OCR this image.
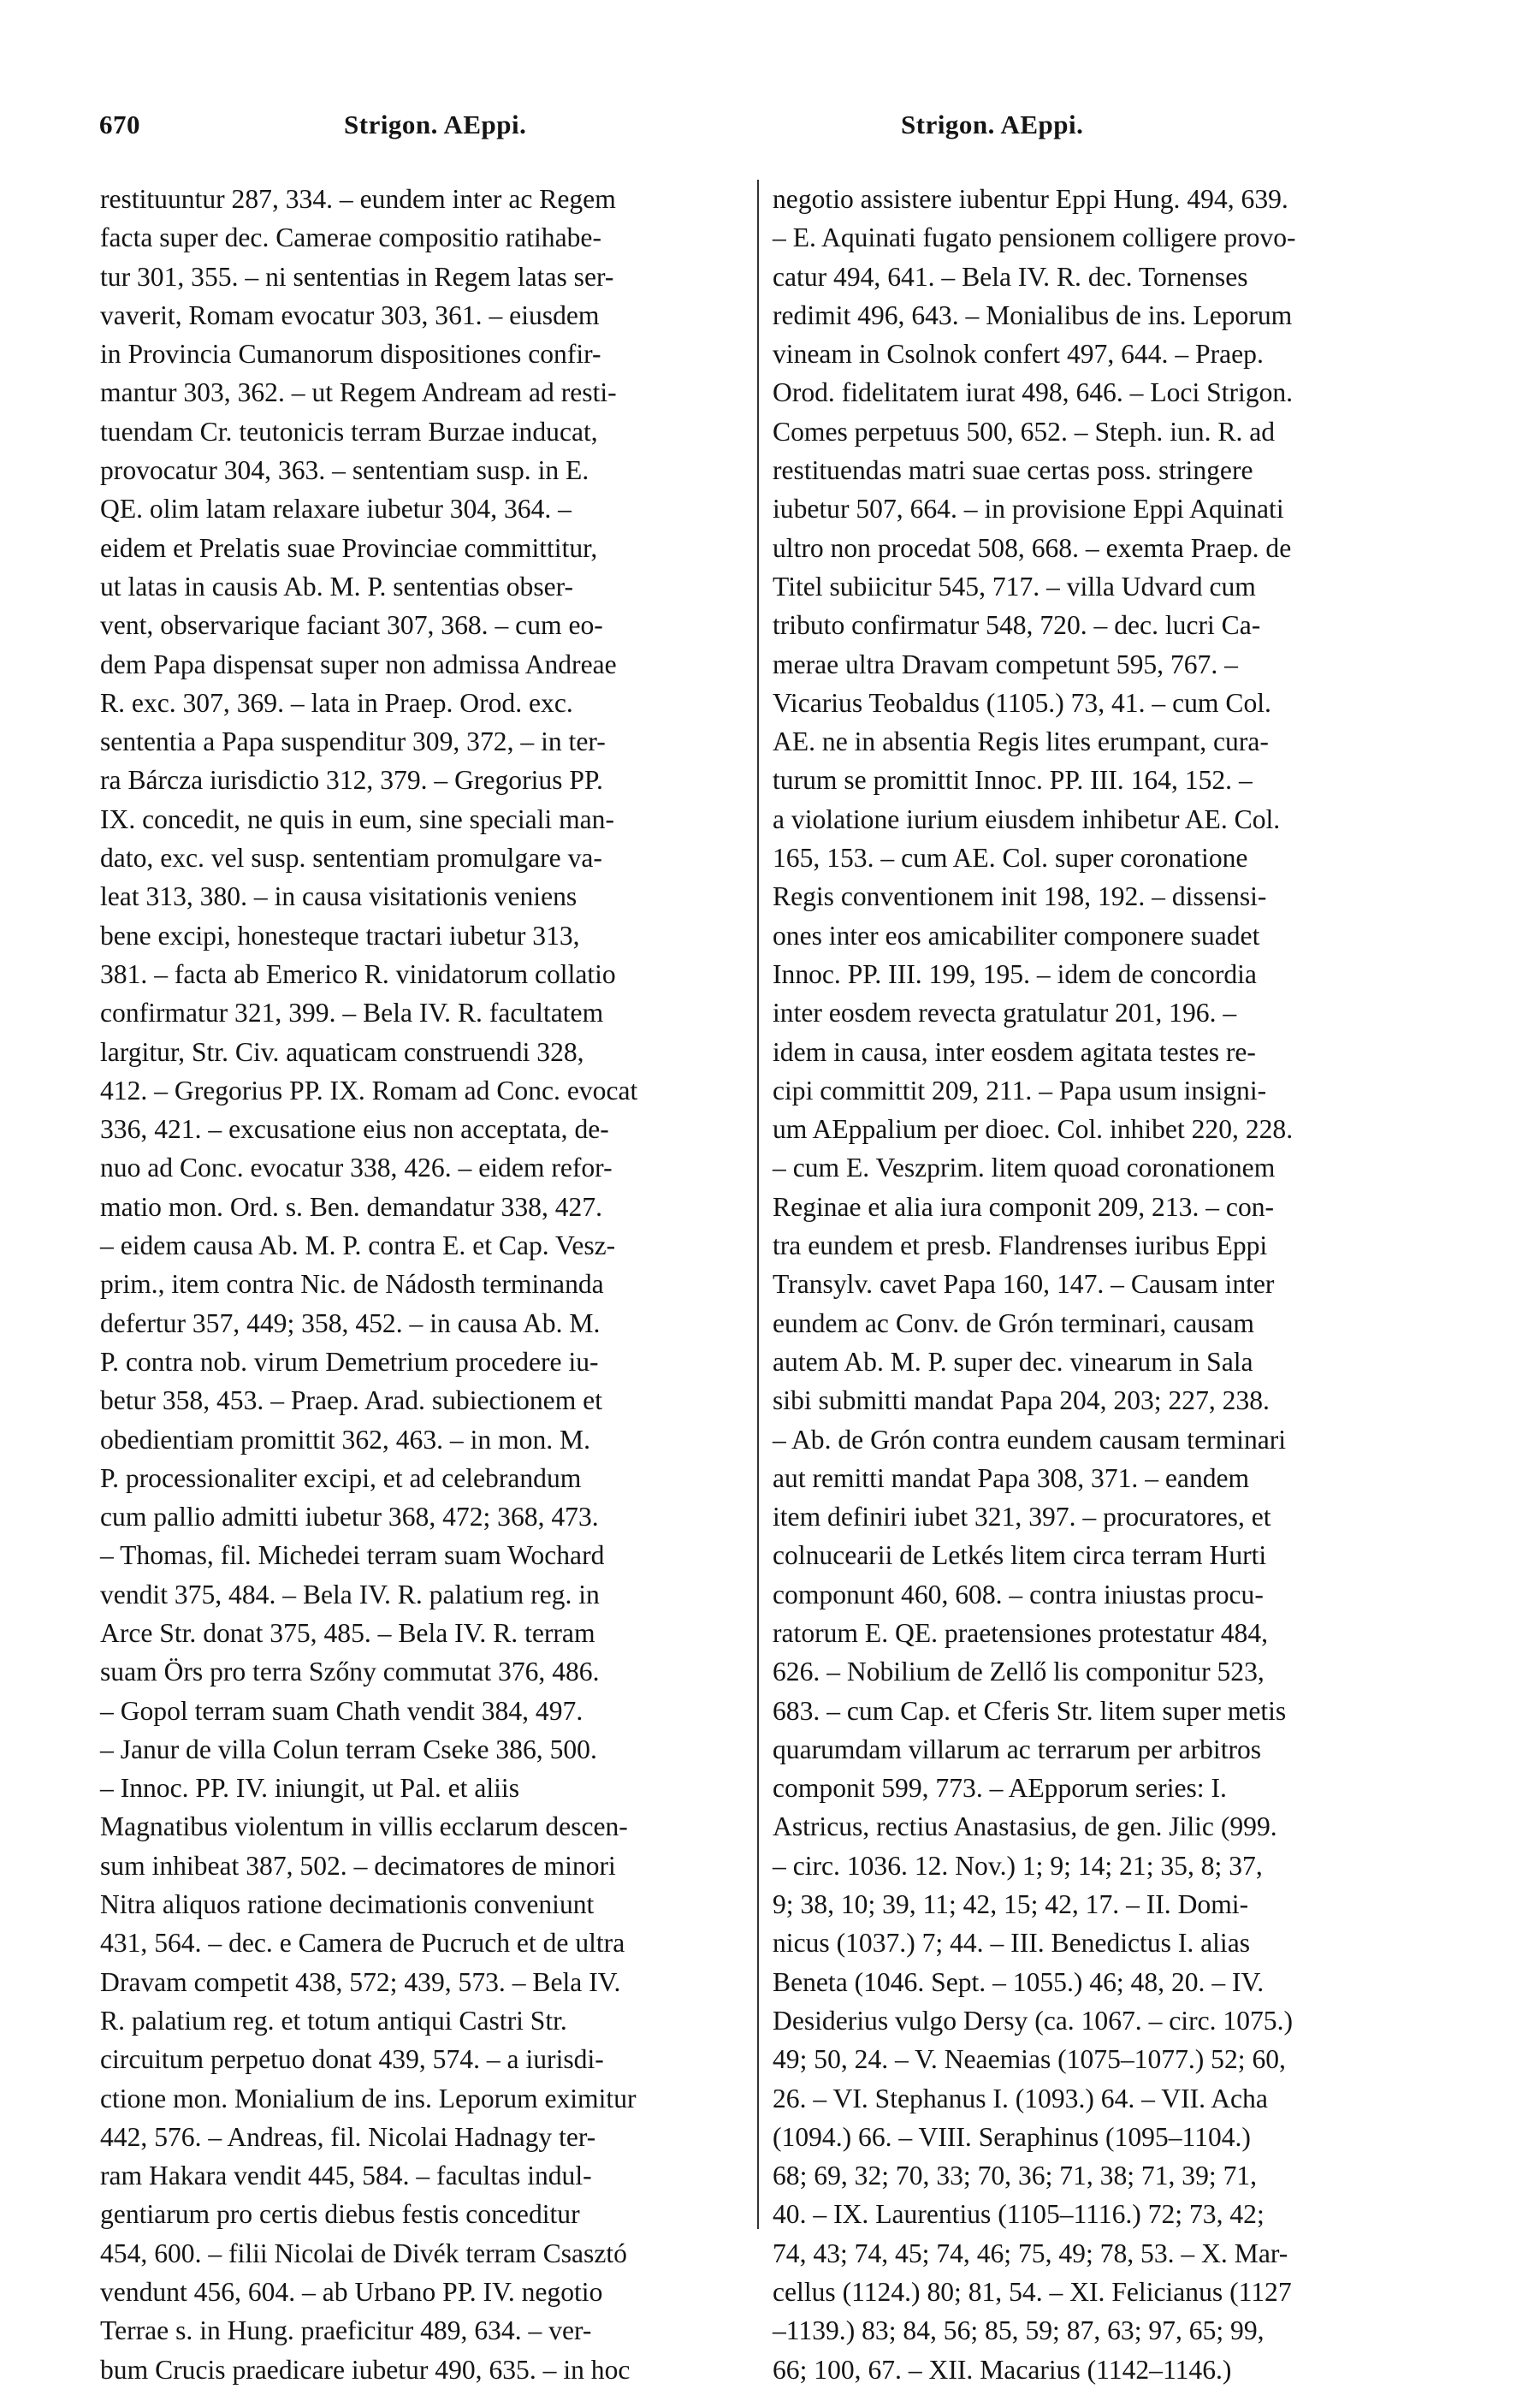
670	Strigon. AEppi.	Strigon. AEppi.
restituuntur 287, 334. – eundem inter ac Regem
facta super dec. Camerae compositio ratihabe-
tur 301, 355. – ni sententias in Regem latas ser-
vaverit, Romam evocatur 303, 361. – eiusdem
in Provincia Cumanorum dispositiones confir-
mantur 303, 362. – ut Regem Andream ad resti-
tuendam Cr. teutonicis terram Burzae inducat,
provocatur 304, 363. – sententiam susp. in E.
QE. olim latam relaxare iubetur 304, 364. –
eidem et Prelatis suae Provinciae committitur,
ut latas in causis Ab. M. P. sententias obser-
vent, observarique faciant 307, 368. – cum eo-
dem Papa dispensat super non admissa Andreae
R. exc. 307, 369. – lata in Praep. Orod. exc.
sententia a Papa suspenditur 309, 372, – in ter-
ra Bárcza iurisdictio 312, 379. – Gregorius PP.
IX. concedit, ne quis in eum, sine speciali man-
dato, exc. vel susp. sententiam promulgare va-
leat 313, 380. – in causa visitationis veniens
bene excipi, honesteque tractari iubetur 313,
381. – facta ab Emerico R. vinidatorum collatio
confirmatur 321, 399. – Bela IV. R. facultatem
largitur, Str. Civ. aquaticam construendi 328,
412. – Gregorius PP. IX. Romam ad Conc. evocat
336, 421. – excusatione eius non acceptata, de-
nuo ad Conc. evocatur 338, 426. – eidem refor-
matio mon. Ord. s. Ben. demandatur 338, 427.
– eidem causa Ab. M. P. contra E. et Cap. Vesz-
prim., item contra Nic. de Nádosth terminanda
defertur 357, 449; 358, 452. – in causa Ab. M.
P. contra nob. virum Demetrium procedere iu-
betur 358, 453. – Praep. Arad. subiectionem et
obedientiam promittit 362, 463. – in mon. M.
P. processionaliter excipi, et ad celebrandum
cum pallio admitti iubetur 368, 472; 368, 473.
– Thomas, fil. Michedei terram suam Wochard
vendit 375, 484. – Bela IV. R. palatium reg. in
Arce Str. donat 375, 485. – Bela IV. R. terram
suam Örs pro terra Szőny commutat 376, 486.
– Gopol terram suam Chath vendit 384, 497.
– Janur de villa Colun terram Cseke 386, 500.
– Innoc. PP. IV. iniungit, ut Pal. et aliis
Magnatibus violentum in villis ecclarum descen-
sum inhibeat 387, 502. – decimatores de minori
Nitra aliquos ratione decimationis conveniunt
431, 564. – dec. e Camera de Pucruch et de ultra
Dravam competit 438, 572; 439, 573. – Bela IV.
R. palatium reg. et totum antiqui Castri Str.
circuitum perpetuo donat 439, 574. – a iurisdi-
ctione mon. Monialium de ins. Leporum eximitur
442, 576. – Andreas, fil. Nicolai Hadnagy ter-
ram Hakara vendit 445, 584. – facultas indul-
gentiarum pro certis diebus festis conceditur
454, 600. – filii Nicolai de Divék terram Csasztó
vendunt 456, 604. – ab Urbano PP. IV. negotio
Terrae s. in Hung. praeficitur 489, 634. – ver-
bum Crucis praedicare iubetur 490, 635. – in hoc
negotio assistere iubentur Eppi Hung. 494, 639.
– E. Aquinati fugato pensionem colligere provo-
catur 494, 641. – Bela IV. R. dec. Tornenses
redimit 496, 643. – Monialibus de ins. Leporum
vineam in Csolnok confert 497, 644. – Praep.
Orod. fidelitatem iurat 498, 646. – Loci Strigon.
Comes perpetuus 500, 652. – Steph. iun. R. ad
restituendas matri suae certas poss. stringere
iubetur 507, 664. – in provisione Eppi Aquinati
ultro non procedat 508, 668. – exemta Praep. de
Titel subiicitur 545, 717. – villa Udvard cum
tributo confirmatur 548, 720. – dec. lucri Ca-
merae ultra Dravam competunt 595, 767. –
Vicarius Teobaldus (1105.) 73, 41. – cum Col.
AE. ne in absentia Regis lites erumpant, cura-
turum se promittit Innoc. PP. III. 164, 152. –
a violatione iurium eiusdem inhibetur AE. Col.
165, 153. – cum AE. Col. super coronatione
Regis conventionem init 198, 192. – dissensi-
ones inter eos amicabiliter componere suadet
Innoc. PP. III. 199, 195. – idem de concordia
inter eosdem revecta gratulatur 201, 196. –
idem in causa, inter eosdem agitata testes re-
cipi committit 209, 211. – Papa usum insigni-
um AEppalium per dioec. Col. inhibet 220, 228.
– cum E. Veszprim. litem quoad coronationem
Reginae et alia iura componit 209, 213. – con-
tra eundem et presb. Flandrenses iuribus Eppi
Transylv. cavet Papa 160, 147. – Causam inter
eundem ac Conv. de Grón terminari, causam
autem Ab. M. P. super dec. vinearum in Sala
sibi submitti mandat Papa 204, 203; 227, 238.
– Ab. de Grón contra eundem causam terminari
aut remitti mandat Papa 308, 371. – eandem
item definiri iubet 321, 397. – procuratores, et
colnucearii de Letkés litem circa terram Hurti
componunt 460, 608. – contra iniustas procu-
ratorum E. QE. praetensiones protestatur 484,
626. – Nobilium de Zellő lis componitur 523,
683. – cum Cap. et Cferis Str. litem super metis
quarumdam villarum ac terrarum per arbitros
componit 599, 773. – AEpporum series: I.
Astricus, rectius Anastasius, de gen. Jilic (999.
– circ. 1036. 12. Nov.) 1; 9; 14; 21; 35, 8; 37,
9; 38, 10; 39, 11; 42, 15; 42, 17. – II. Domi-
nicus (1037.) 7; 44. – III. Benedictus I. alias
Beneta (1046. Sept. – 1055.) 46; 48, 20. – IV.
Desiderius vulgo Dersy (ca. 1067. – circ. 1075.)
49; 50, 24. – V. Neaemias (1075–1077.) 52; 60,
26. – VI. Stephanus I. (1093.) 64. – VII. Acha
(1094.) 66. – VIII. Seraphinus (1095–1104.)
68; 69, 32; 70, 33; 70, 36; 71, 38; 71, 39; 71,
40. – IX. Laurentius (1105–1116.) 72; 73, 42;
74, 43; 74, 45; 74, 46; 75, 49; 78, 53. – X. Mar-
cellus (1124.) 80; 81, 54. – XI. Felicianus (1127
–1139.) 83; 84, 56; 85, 59; 87, 63; 97, 65; 99,
66; 100, 67. – XII. Macarius (1142–1146.)
